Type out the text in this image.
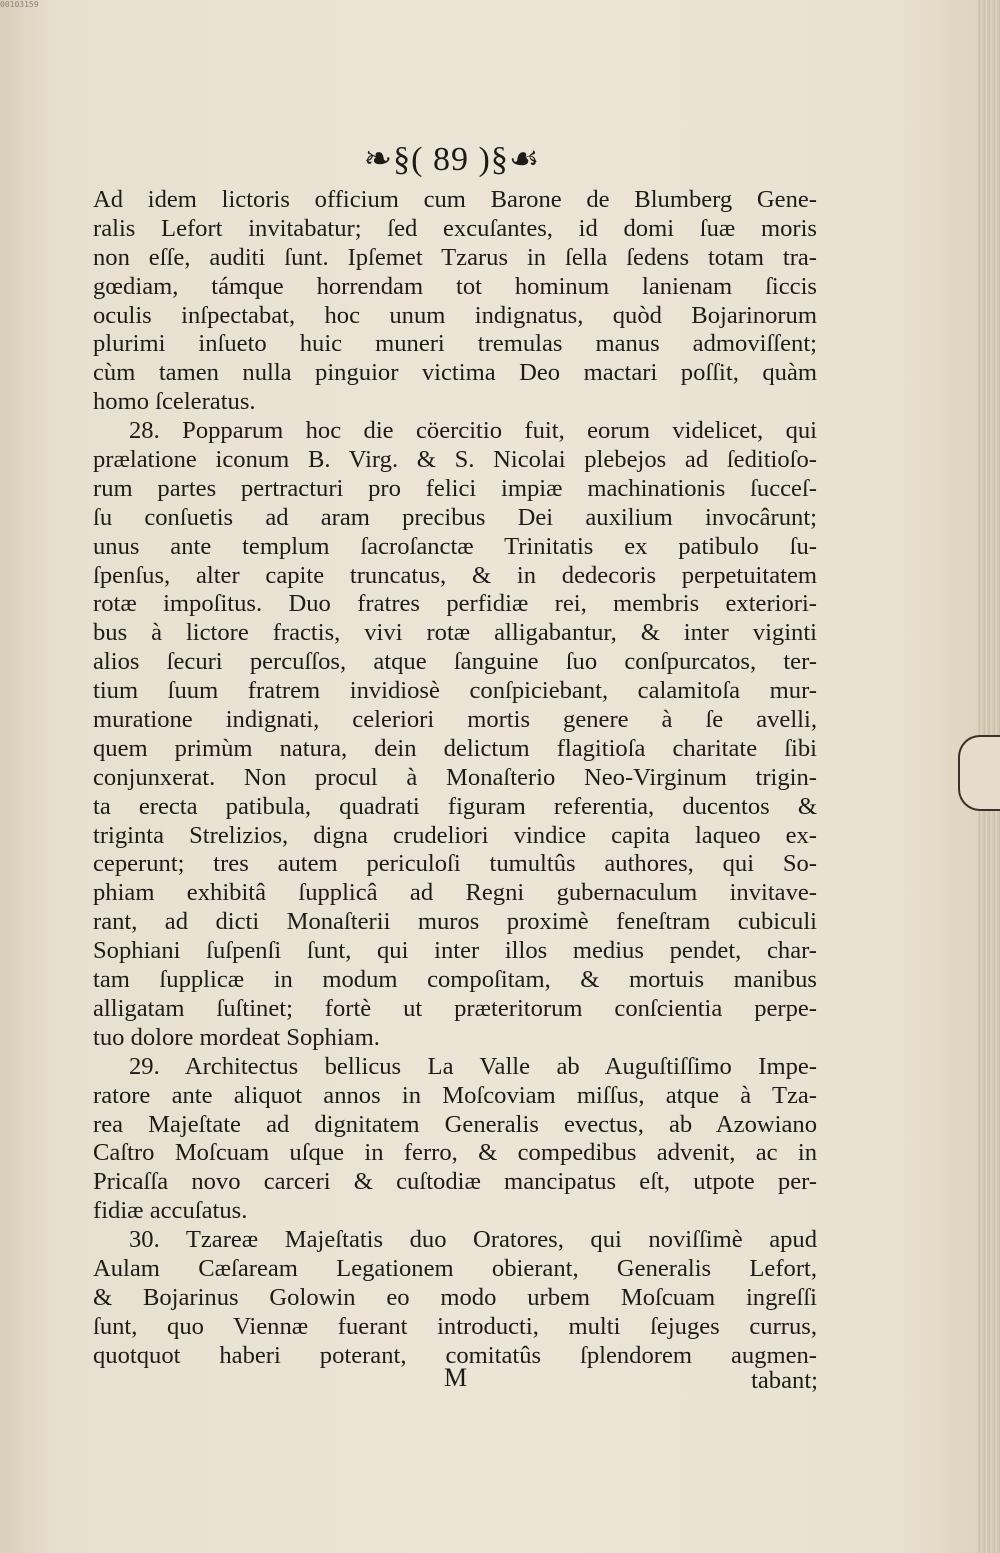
00103159
❧§( 89 )§☙
Ad idem lictoris officium cum Barone de Blumberg Gene-
ralis Lefort invitabatur; ſed excuſantes, id domi ſuæ moris
non eſſe, auditi ſunt. Ipſemet Tzarus in ſella ſedens totam tra-
gœdiam, támque horrendam tot hominum lanienam ſiccis
oculis inſpectabat, hoc unum indignatus, quòd Bojarinorum
plurimi inſueto huic muneri tremulas manus admoviſſent;
cùm tamen nulla pinguior victima Deo mactari poſſit, quàm
homo ſceleratus.
28. Popparum hoc die cöercitio fuit, eorum videlicet, qui
prælatione iconum B. Virg. & S. Nicolai plebejos ad ſeditioſo-
rum partes pertracturi pro felici impiæ machinationis ſucceſ-
ſu conſuetis ad aram precibus Dei auxilium invocârunt;
unus ante templum ſacroſanctæ Trinitatis ex patibulo ſu-
ſpenſus, alter capite truncatus, & in dedecoris perpetuitatem
rotæ impoſitus. Duo fratres perfidiæ rei, membris exteriori-
bus à lictore fractis, vivi rotæ alligabantur, & inter viginti
alios ſecuri percuſſos, atque ſanguine ſuo conſpurcatos, ter-
tium ſuum fratrem invidiosè conſpiciebant, calamitoſa mur-
muratione indignati, celeriori mortis genere à ſe avelli,
quem primùm natura, dein delictum flagitioſa charitate ſibi
conjunxerat. Non procul à Monaſterio Neo-Virginum trigin-
ta erecta patibula, quadrati figuram referentia, ducentos &
triginta Strelizios, digna crudeliori vindice capita laqueo ex-
ceperunt; tres autem periculoſi tumultûs authores, qui So-
phiam exhibitâ ſupplicâ ad Regni gubernaculum invitave-
rant, ad dicti Monaſterii muros proximè feneſtram cubiculi
Sophiani ſuſpenſi ſunt, qui inter illos medius pendet, char-
tam ſupplicæ in modum compoſitam, & mortuis manibus
alligatam ſuſtinet; fortè ut præteritorum conſcientia perpe-
tuo dolore mordeat Sophiam.
29. Architectus bellicus La Valle ab Auguſtiſſimo Impe-
ratore ante aliquot annos in Moſcoviam miſſus, atque à Tza-
rea Majeſtate ad dignitatem Generalis evectus, ab Azowiano
Caſtro Moſcuam uſque in ferro, & compedibus advenit, ac in
Pricaſſa novo carceri & cuſtodiæ mancipatus eſt, utpote per-
fidiæ accuſatus.
30. Tzareæ Majeſtatis duo Oratores, qui noviſſimè apud
Aulam Cæſaream Legationem obierant, Generalis Lefort,
& Bojarinus Golowin eo modo urbem Moſcuam ingreſſi
ſunt, quo Viennæ fuerant introducti, multi ſejuges currus,
quotquot haberi poterant, comitatûs ſplendorem augmen-
M	tabant;
